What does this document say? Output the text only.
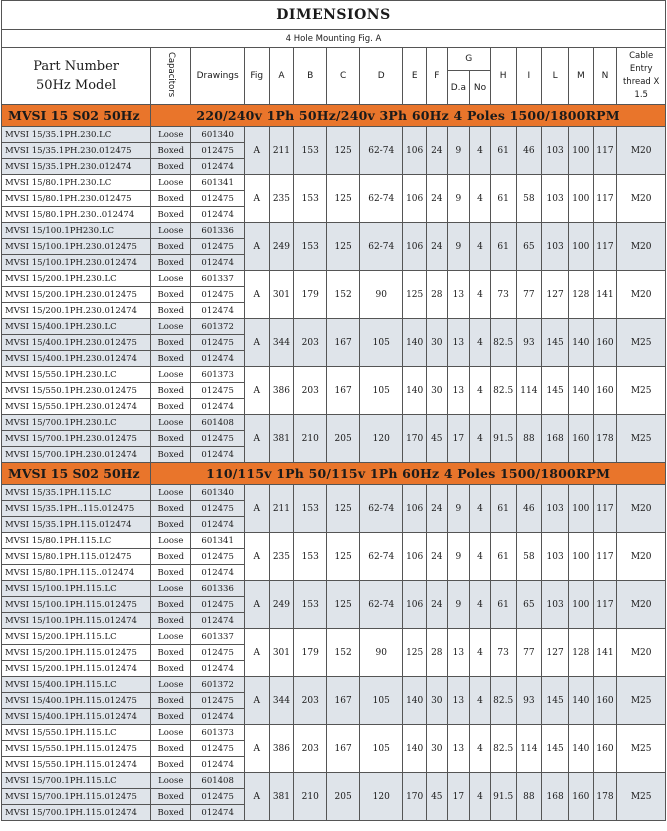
DIMENSIONS																	
4 Hole Mounting Fig. A																	
Part Number
50Hz Model	Capacitors	Drawings	Fig	A	B	C	D	E	F	G		H	I	L	M	N	Cable
Entry
thread X
1.5
										D.a	No						
MVSI 15 S02 50Hz	220/240v 1Ph 50Hz/240v 3Ph 60Hz 4 Poles 1500/1800RPM																
MVSI 15/35.1PH.230.LC	Loose	601340	A	211	153	125	62-74	106	24	9	4	61	46	103	100	117	M20
MVSI 15/35.1PH.230.012475	Boxed	012475															
MVSI 15/35.1PH.230.012474	Boxed	012474															
MVSI 15/80.1PH.230.LC	Loose	601341	A	235	153	125	62-74	106	24	9	4	61	58	103	100	117	M20
MVSI 15/80.1PH.230.012475	Boxed	012475															
MVSI 15/80.1PH.230..012474	Boxed	012474															
MVSI 15/100.1PH230.LC	Loose	601336	A	249	153	125	62-74	106	24	9	4	61	65	103	100	117	M20
MVSI 15/100.1PH.230.012475	Boxed	012475															
MVSI 15/100.1PH.230.012474	Boxed	012474															
MVSI 15/200.1PH.230.LC	Loose	601337	A	301	179	152	90	125	28	13	4	73	77	127	128	141	M20
MVSI 15/200.1PH.230.012475	Boxed	012475															
MVSI 15/200.1PH.230.012474	Boxed	012474															
MVSI 15/400.1PH.230.LC	Loose	601372	A	344	203	167	105	140	30	13	4	82.5	93	145	140	160	M25
MVSI 15/400.1PH.230.012475	Boxed	012475															
MVSI 15/400.1PH.230.012474	Boxed	012474															
MVSI 15/550.1PH.230.LC	Loose	601373	A	386	203	167	105	140	30	13	4	82.5	114	145	140	160	M25
MVSI 15/550.1PH.230.012475	Boxed	012475															
MVSI 15/550.1PH.230.012474	Boxed	012474															
MVSI 15/700.1PH.230.LC	Loose	601408	A	381	210	205	120	170	45	17	4	91.5	88	168	160	178	M25
MVSI 15/700.1PH.230.012475	Boxed	012475															
MVSI 15/700.1PH.230.012474	Boxed	012474															
MVSI 15 S02 50Hz	110/115v 1Ph 50/115v 1Ph 60Hz 4 Poles 1500/1800RPM																
MVSI 15/35.1PH.115.LC	Loose	601340	A	211	153	125	62-74	106	24	9	4	61	46	103	100	117	M20
MVSI 15/35.1PH..115.012475	Boxed	012475															
MVSI 15/35.1PH.115.012474	Boxed	012474															
MVSI 15/80.1PH.115.LC	Loose	601341	A	235	153	125	62-74	106	24	9	4	61	58	103	100	117	M20
MVSI 15/80.1PH.115.012475	Boxed	012475															
MVSI 15/80.1PH.115..012474	Boxed	012474															
MVSI 15/100.1PH.115.LC	Loose	601336	A	249	153	125	62-74	106	24	9	4	61	65	103	100	117	M20
MVSI 15/100.1PH.115.012475	Boxed	012475															
MVSI 15/100.1PH.115.012474	Boxed	012474															
MVSI 15/200.1PH.115.LC	Loose	601337	A	301	179	152	90	125	28	13	4	73	77	127	128	141	M20
MVSI 15/200.1PH.115.012475	Boxed	012475															
MVSI 15/200.1PH.115.012474	Boxed	012474															
MVSI 15/400.1PH.115.LC	Loose	601372	A	344	203	167	105	140	30	13	4	82.5	93	145	140	160	M25
MVSI 15/400.1PH.115.012475	Boxed	012475															
MVSI 15/400.1PH.115.012474	Boxed	012474															
MVSI 15/550.1PH.115.LC	Loose	601373	A	386	203	167	105	140	30	13	4	82.5	114	145	140	160	M25
MVSI 15/550.1PH.115.012475	Boxed	012475															
MVSI 15/550.1PH.115.012474	Boxed	012474															
MVSI 15/700.1PH.115.LC	Loose	601408	A	381	210	205	120	170	45	17	4	91.5	88	168	160	178	M25
MVSI 15/700.1PH.115.012475	Boxed	012475															
MVSI 15/700.1PH.115.012474	Boxed	012474															
